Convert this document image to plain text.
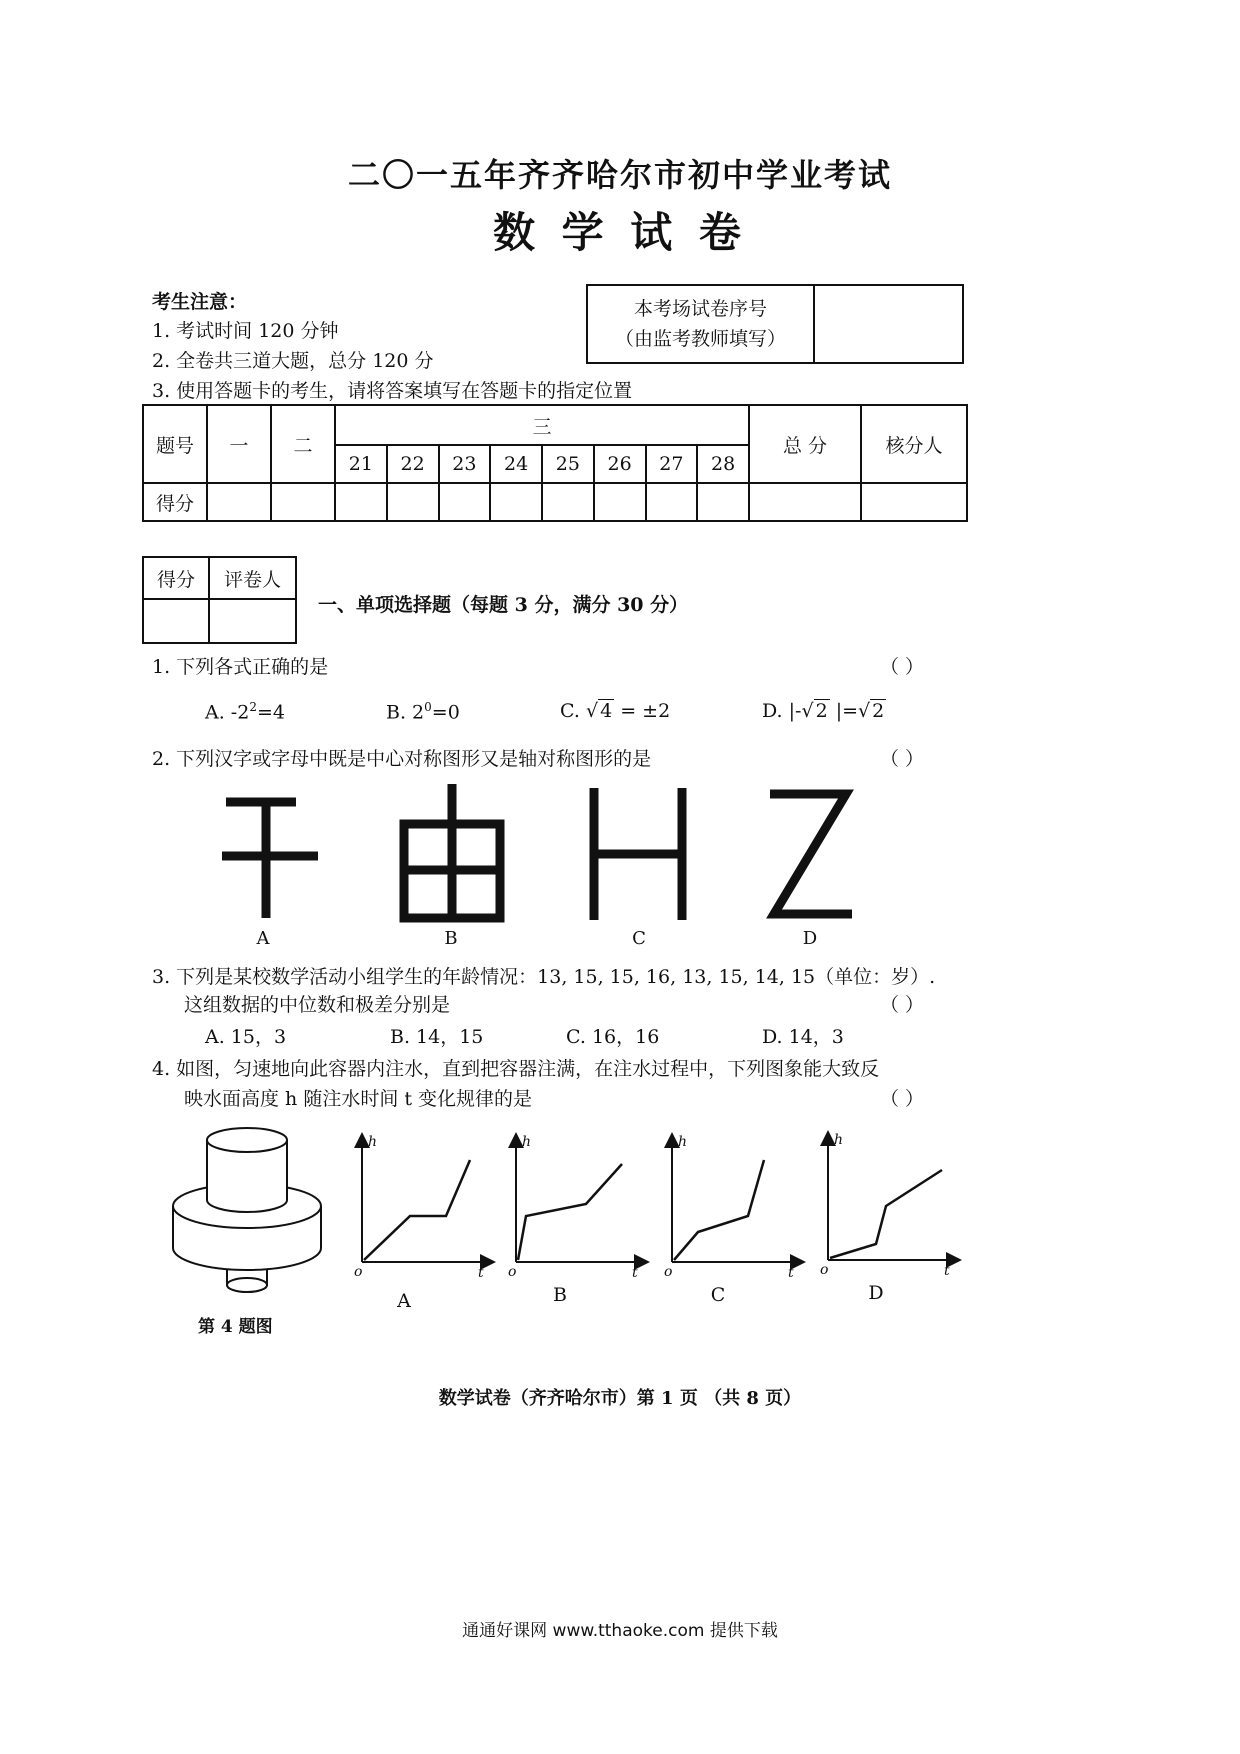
二〇一五年齐齐哈尔市初中学业考试
数 学 试 卷
考生注意：
1. 考试时间 120 分钟
2. 全卷共三道大题，总分 120 分
3. 使用答题卡的考生，请将答案填写在答题卡的指定位置
本考场试卷序号
（由监考教师填写）

题号	一	二	三								总 分	核分人
			21	22	23	24	25	26	27	28		
得分												
得分	评卷人

一、单项选择题（每题 3 分，满分 30 分）
1. 下列各式正确的是	（ ）
A. $-2^2=4$	B. $2^0=0$	C. √ 4 = ±2	D. |-√ 2 |=√ 2
2. 下列汉字或字母中既是中心对称图形又是轴对称图形的是	（ ）
A	B	C	D
3. 下列是某校数学活动小组学生的年龄情况：13, 15, 15, 16, 13, 15, 14, 15（单位：岁）.
这组数据的中位数和极差分别是	（ ）
A. 15，3	B. 14，15	C. 16，16	D. 14，3
4. 如图，匀速地向此容器内注水，直到把容器注满，在注水过程中，下列图象能大致反
映水面高度 h 随注水时间 t 变化规律的是	（ ）
第 4 题图
h
t
o
h
t
o
h
t
o
h
t
o
A	B	C	D
数学试卷（齐齐哈尔市）第 1 页 （共 8 页）
通通好课网 www.tthaoke.com 提供下载
